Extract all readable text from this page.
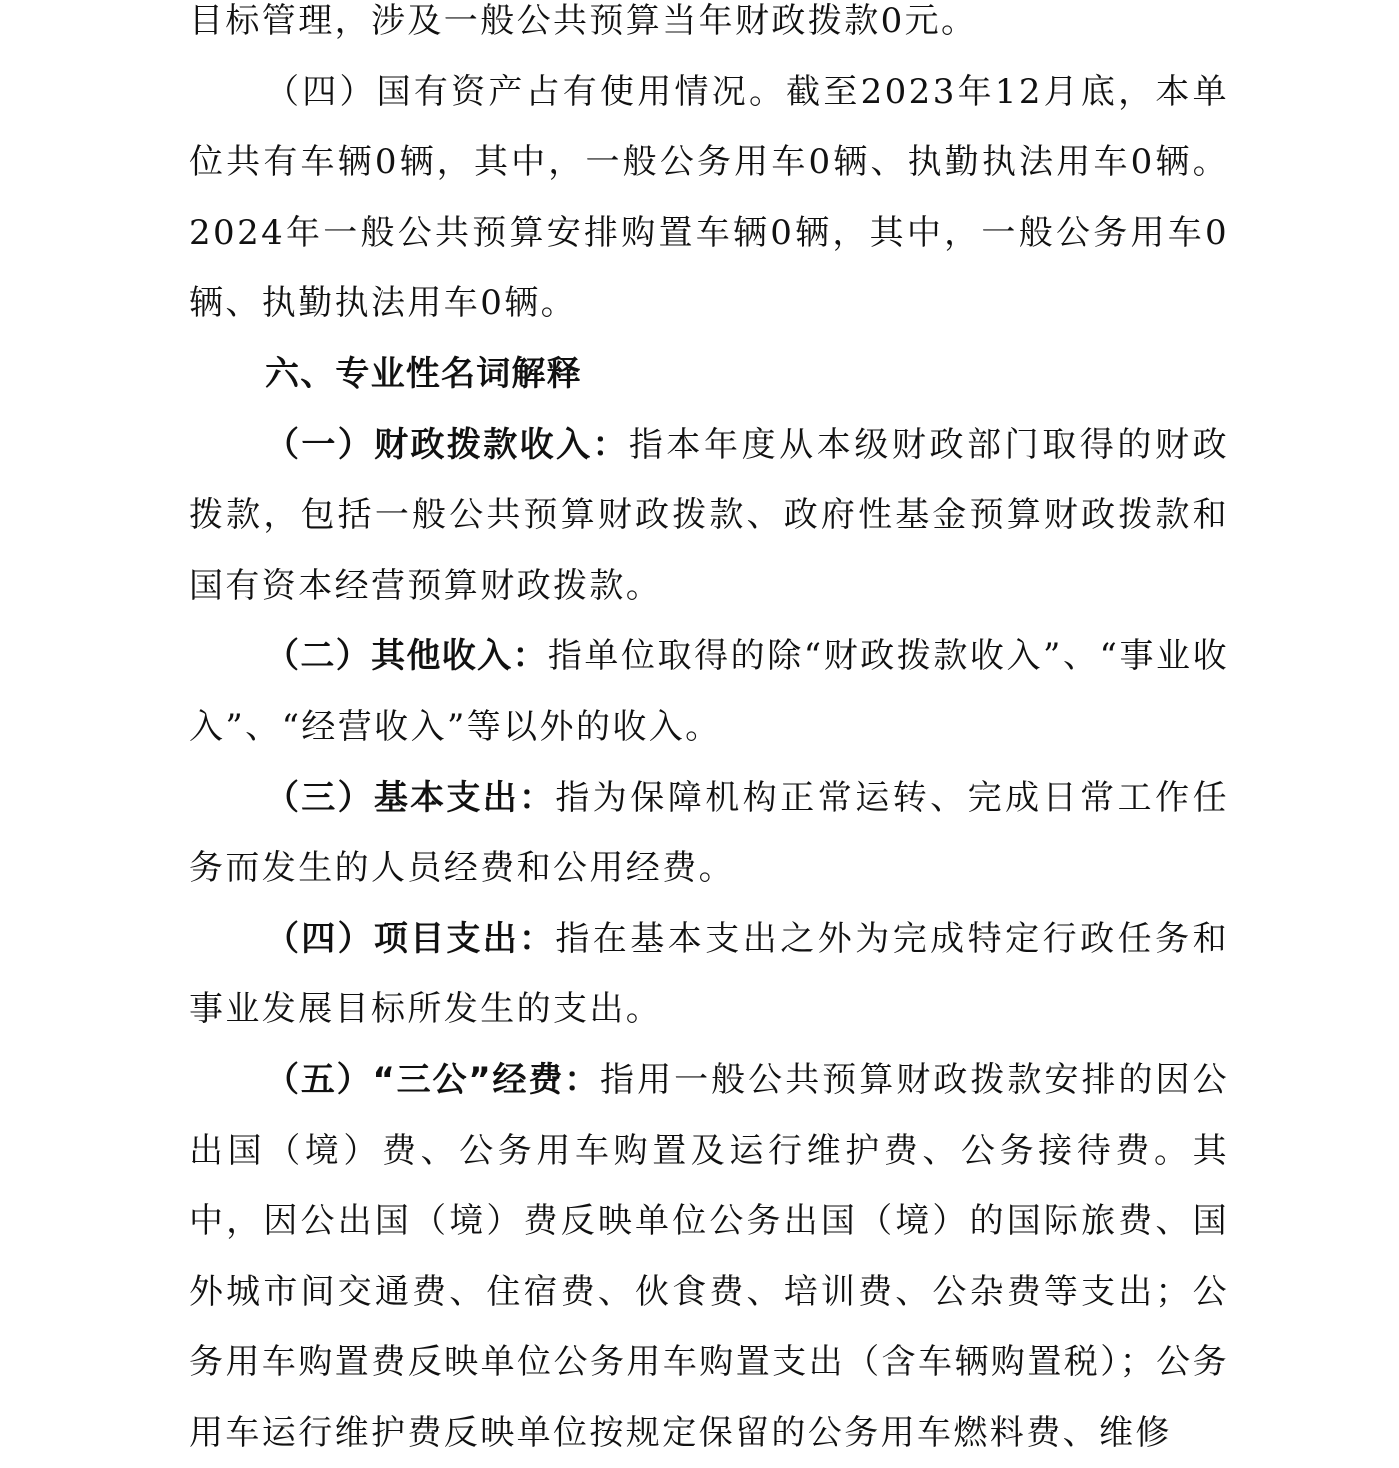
目标管理，涉及一般公共预算当年财政拨款0元。

（四）国有资产占有使用情况。截至2023年12月底，本单位共有车辆0辆，其中，一般公务用车0辆、执勤执法用车0辆。2024年一般公共预算安排购置车辆0辆，其中，一般公务用车0辆、执勤执法用车0辆。

六、专业性名词解释

（一）财政拨款收入：指本年度从本级财政部门取得的财政拨款，包括一般公共预算财政拨款、政府性基金预算财政拨款和国有资本经营预算财政拨款。

（二）其他收入：指单位取得的除“财政拨款收入”、“事业收入”、“经营收入”等以外的收入。

（三）基本支出：指为保障机构正常运转、完成日常工作任务而发生的人员经费和公用经费。

（四）项目支出：指在基本支出之外为完成特定行政任务和事业发展目标所发生的支出。

（五）“三公”经费：指用一般公共预算财政拨款安排的因公出国（境）费、公务用车购置及运行维护费、公务接待费。其中，因公出国（境）费反映单位公务出国（境）的国际旅费、国外城市间交通费、住宿费、伙食费、培训费、公杂费等支出；公务用车购置费反映单位公务用车购置支出（含车辆购置税）；公务用车运行维护费反映单位按规定保留的公务用车燃料费、维修
